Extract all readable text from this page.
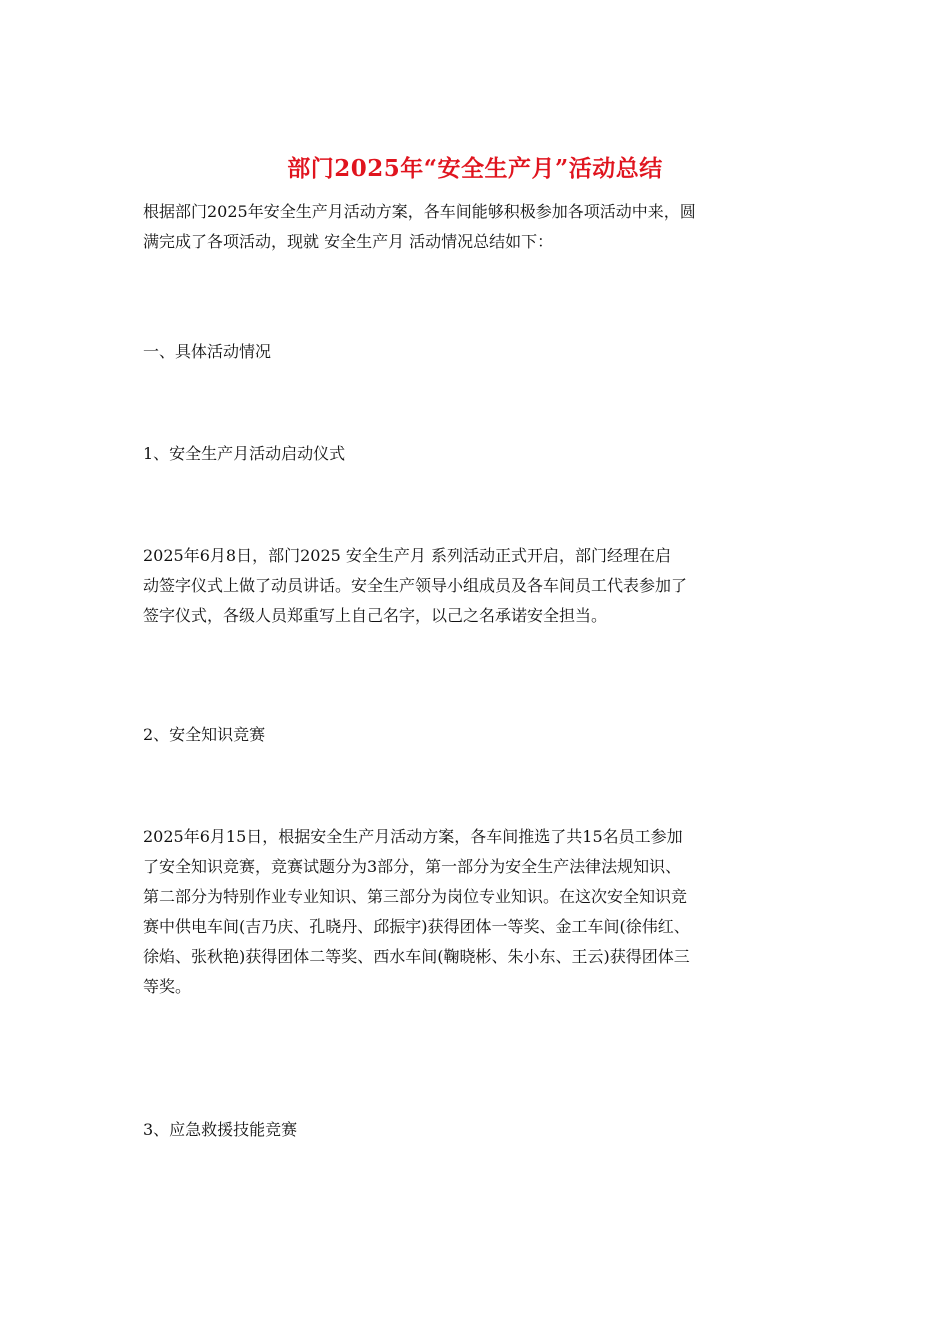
部门2025年“安全生产月”活动总结
根据部门2025年安全生产月活动方案，各车间能够积极参加各项活动中来，圆
满完成了各项活动，现就 安全生产月 活动情况总结如下：
一、具体活动情况
1、安全生产月活动启动仪式
2025年6月8日，部门2025 安全生产月 系列活动正式开启，部门经理在启
动签字仪式上做了动员讲话。安全生产领导小组成员及各车间员工代表参加了
签字仪式，各级人员郑重写上自己名字，以己之名承诺安全担当。
2、安全知识竞赛
2025年6月15日，根据安全生产月活动方案，各车间推选了共15名员工参加
了安全知识竞赛，竞赛试题分为3部分，第一部分为安全生产法律法规知识、
第二部分为特别作业专业知识、第三部分为岗位专业知识。在这次安全知识竞
赛中供电车间(吉乃庆、孔晓丹、邱振宇)获得团体一等奖、金工车间(徐伟红、
徐焰、张秋艳)获得团体二等奖、西水车间(鞠晓彬、朱小东、王云)获得团体三
等奖。
3、应急救援技能竞赛
